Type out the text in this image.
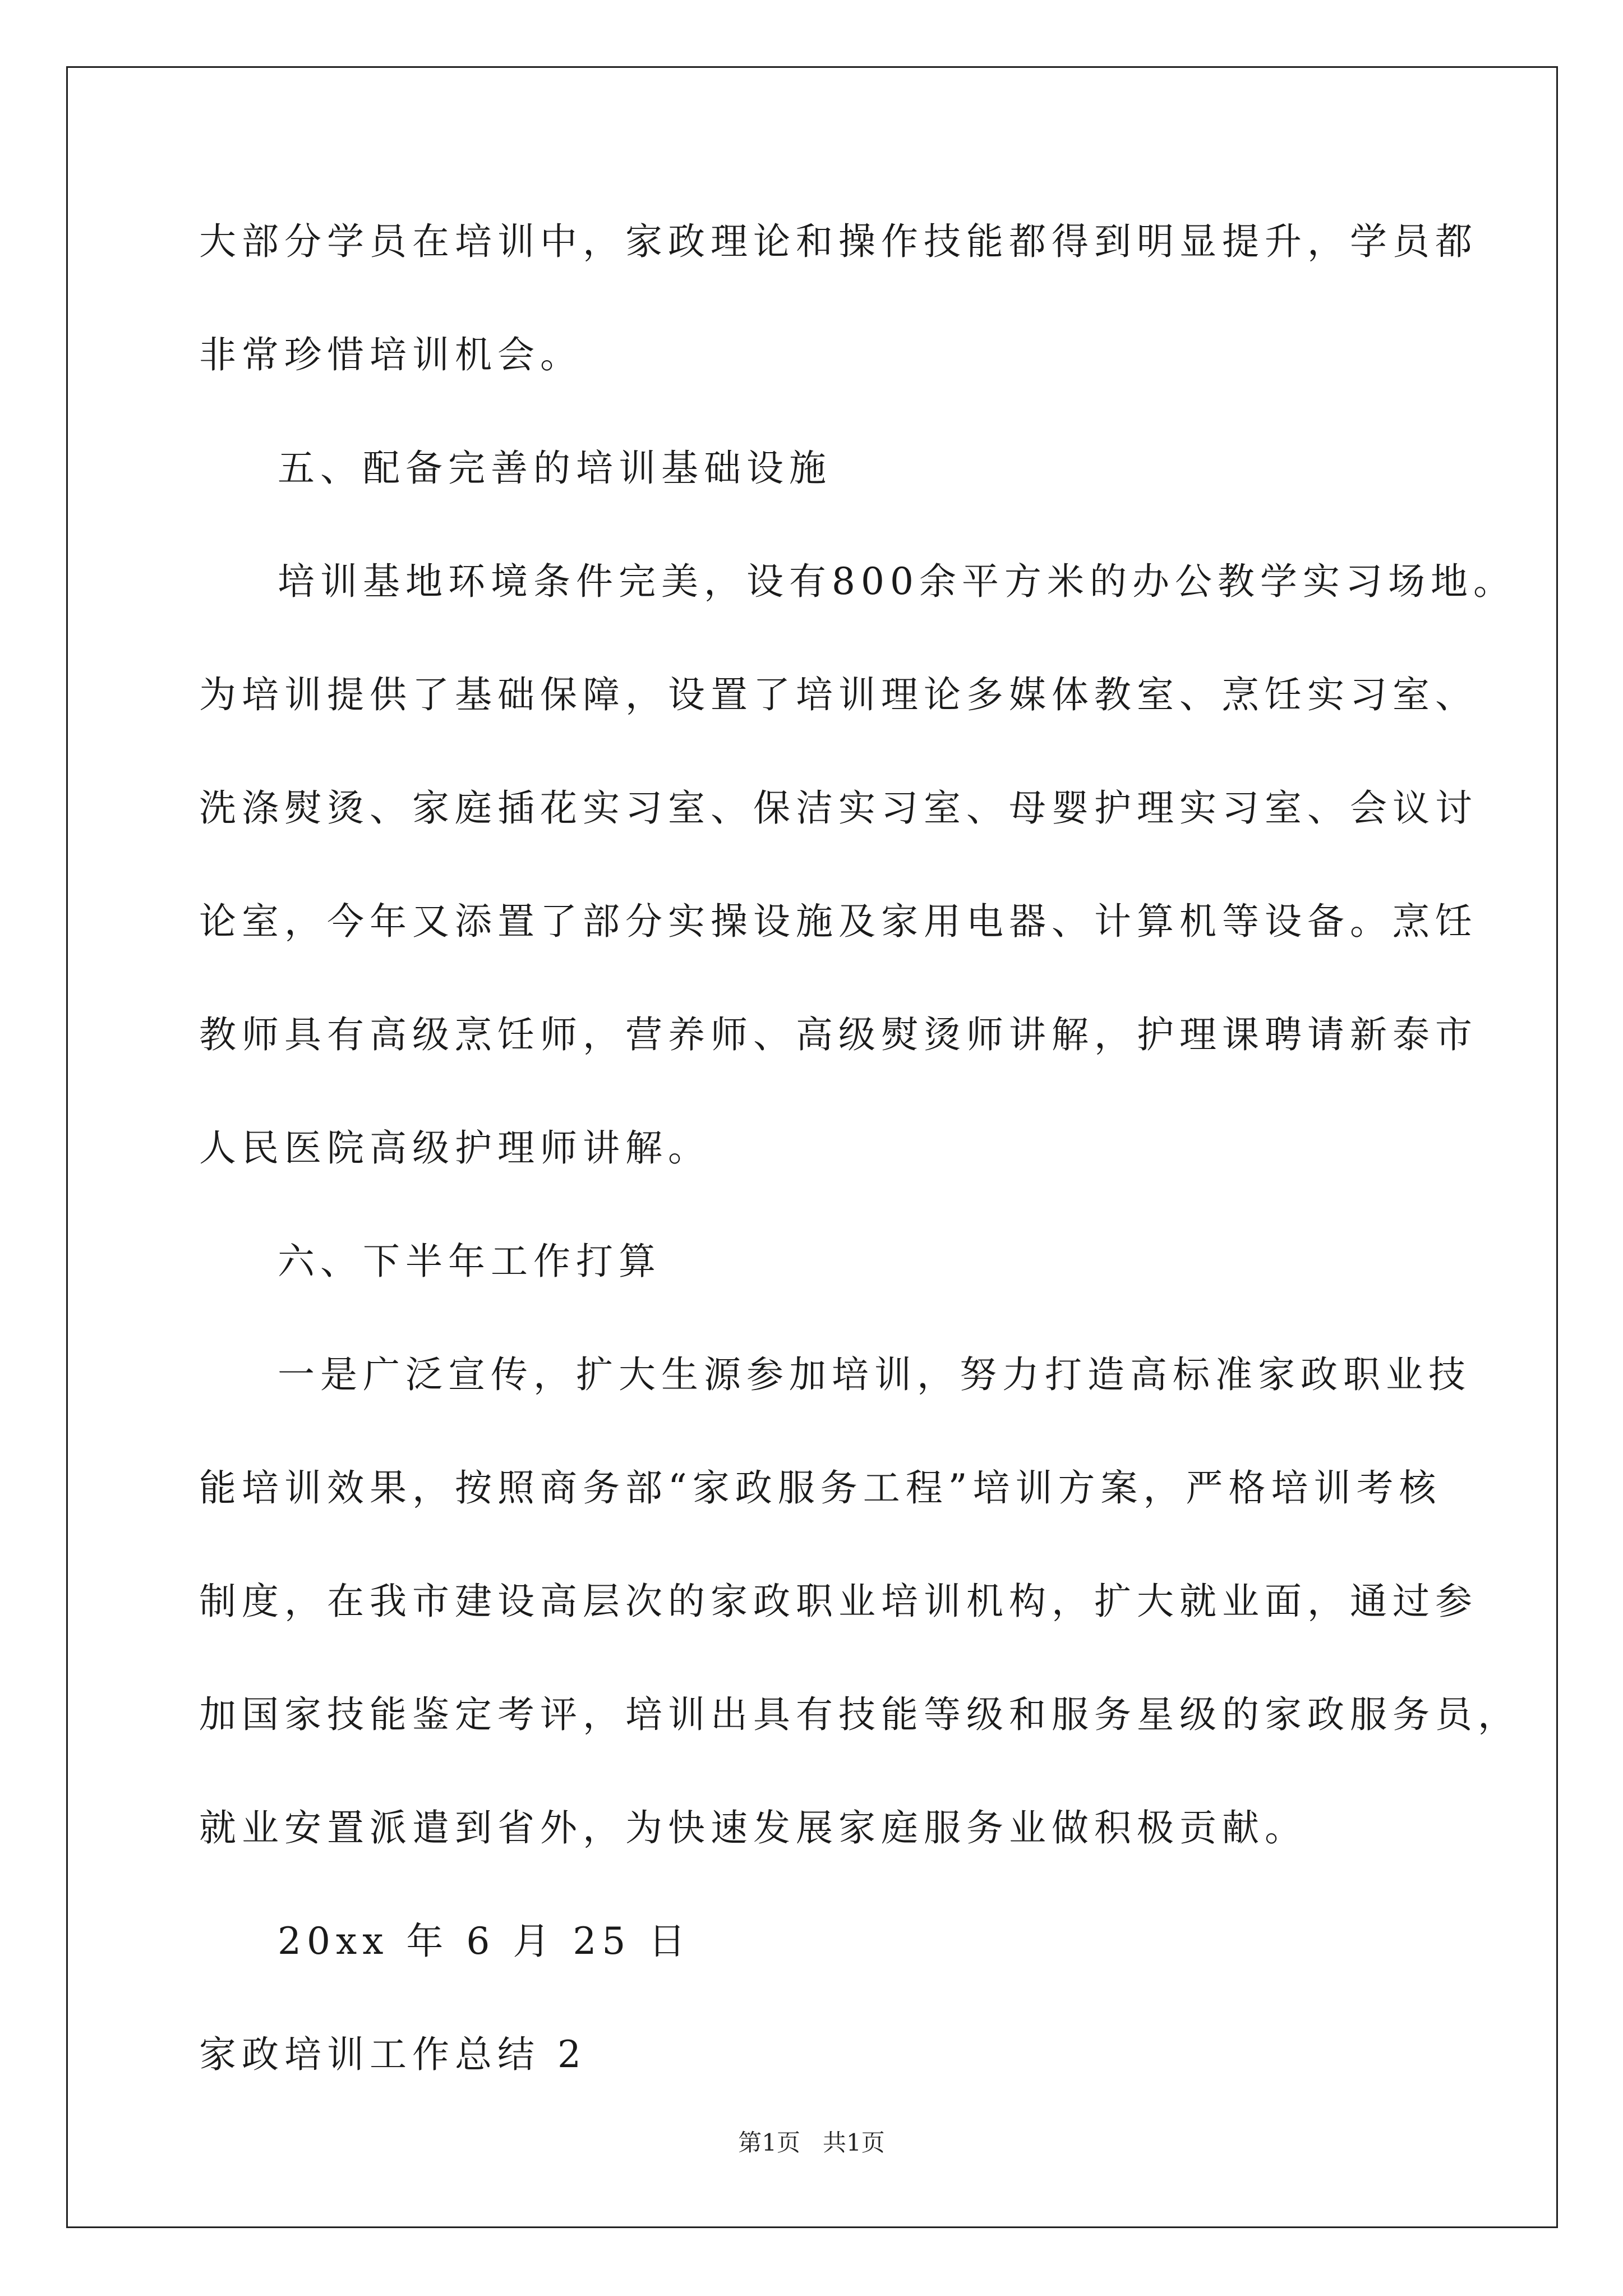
大部分学员在培训中，家政理论和操作技能都得到明显提升，学员都
非常珍惜培训机会。
五、配备完善的培训基础设施
培训基地环境条件完美，设有800余平方米的办公教学实习场地。
为培训提供了基础保障，设置了培训理论多媒体教室、烹饪实习室、
洗涤熨烫、家庭插花实习室、保洁实习室、母婴护理实习室、会议讨
论室，今年又添置了部分实操设施及家用电器、计算机等设备。烹饪
教师具有高级烹饪师，营养师、高级熨烫师讲解，护理课聘请新泰市
人民医院高级护理师讲解。
六、下半年工作打算
一是广泛宣传，扩大生源参加培训，努力打造高标准家政职业技
能培训效果，按照商务部“家政服务工程”培训方案，严格培训考核
制度，在我市建设高层次的家政职业培训机构，扩大就业面，通过参
加国家技能鉴定考评，培训出具有技能等级和服务星级的家政服务员，
就业安置派遣到省外，为快速发展家庭服务业做积极贡献。
20xx 年 6 月 25 日
家政培训工作总结 2
第1页 共1页
